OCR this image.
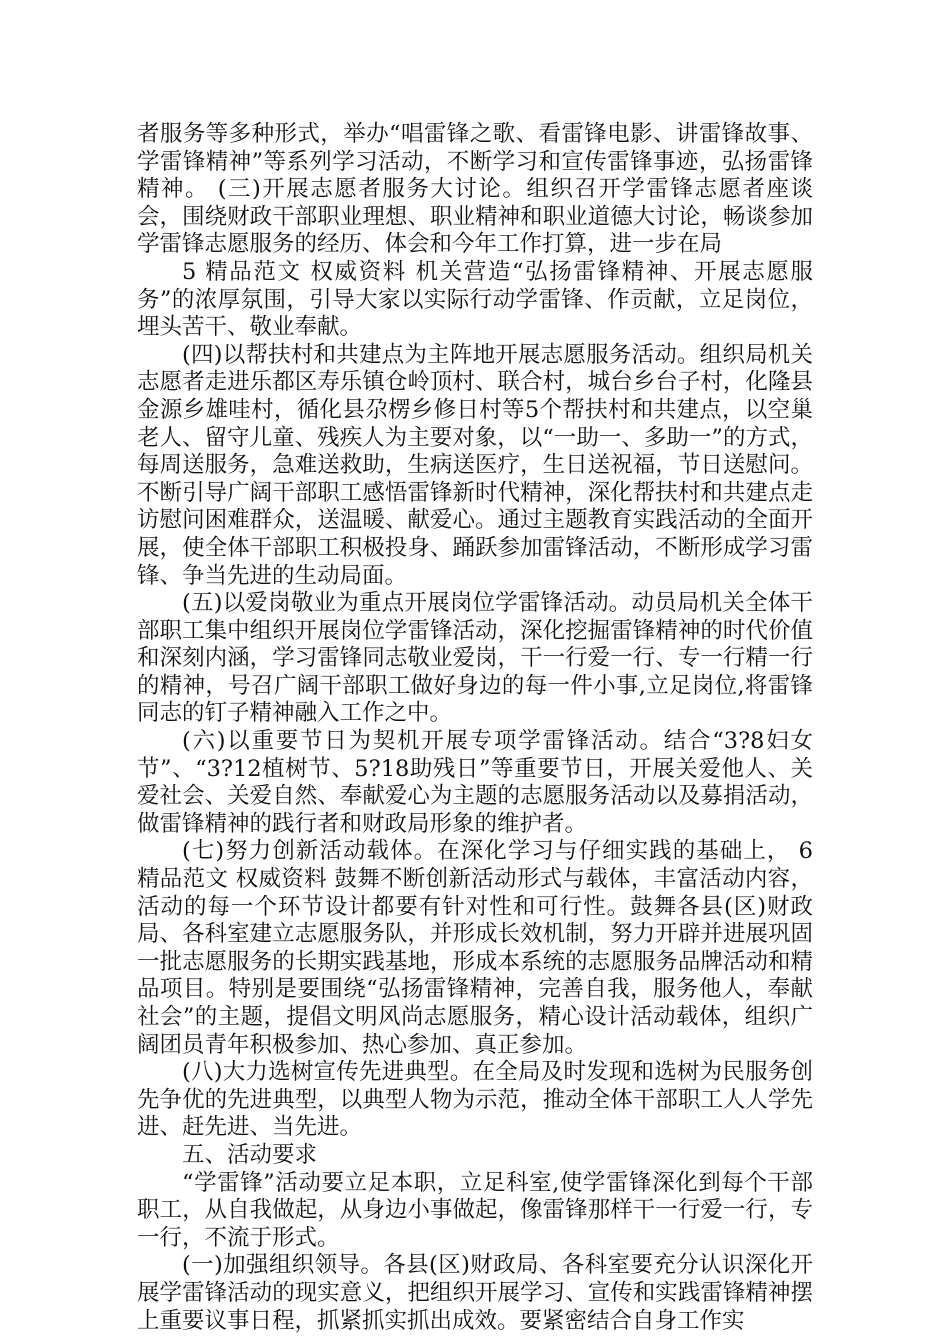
者服务等多种形式，举办“唱雷锋之歌、看雷锋电影、讲雷锋故事、学雷锋精神”等系列学习活动，不断学习和宣传雷锋事迹，弘扬雷锋精神。 (三)开展志愿者服务大讨论。组织召开学雷锋志愿者座谈会，围绕财政干部职业理想、职业精神和职业道德大讨论，畅谈参加学雷锋志愿服务的经历、体会和今年工作打算，进一步在局

5 精品范文 权威资料 机关营造“弘扬雷锋精神、开展志愿服务”的浓厚氛围，引导大家以实际行动学雷锋、作贡献，立足岗位，埋头苦干、敬业奉献。

(四)以帮扶村和共建点为主阵地开展志愿服务活动。组织局机关志愿者走进乐都区寿乐镇仓岭顶村、联合村，城台乡台子村，化隆县金源乡雄哇村，循化县尕楞乡修日村等5个帮扶村和共建点，以空巢老人、留守儿童、残疾人为主要对象，以“一助一、多助一”的方式，每周送服务，急难送救助，生病送医疗，生日送祝福，节日送慰问。不断引导广阔干部职工感悟雷锋新时代精神，深化帮扶村和共建点走访慰问困难群众，送温暖、献爱心。通过主题教育实践活动的全面开展，使全体干部职工积极投身、踊跃参加雷锋活动，不断形成学习雷锋、争当先进的生动局面。

(五)以爱岗敬业为重点开展岗位学雷锋活动。动员局机关全体干部职工集中组织开展岗位学雷锋活动，深化挖掘雷锋精神的时代价值和深刻内涵，学习雷锋同志敬业爱岗，干一行爱一行、专一行精一行的精神，号召广阔干部职工做好身边的每一件小事,立足岗位,将雷锋同志的钉子精神融入工作之中。

(六)以重要节日为契机开展专项学雷锋活动。结合“3?8妇女节”、“3?12植树节、5?18助残日”等重要节日，开展关爱他人、关爱社会、关爱自然、奉献爱心为主题的志愿服务活动以及募捐活动，做雷锋精神的践行者和财政局形象的维护者。

(七)努力创新活动载体。在深化学习与仔细实践的基础上， 6 精品范文 权威资料 鼓舞不断创新活动形式与载体，丰富活动内容，活动的每一个环节设计都要有针对性和可行性。鼓舞各县(区)财政局、各科室建立志愿服务队，并形成长效机制，努力开辟并进展巩固一批志愿服务的长期实践基地，形成本系统的志愿服务品牌活动和精品项目。特别是要围绕“弘扬雷锋精神，完善自我，服务他人，奉献社会”的主题，提倡文明风尚志愿服务，精心设计活动载体，组织广阔团员青年积极参加、热心参加、真正参加。

(八)大力选树宣传先进典型。在全局及时发现和选树为民服务创先争优的先进典型，以典型人物为示范，推动全体干部职工人人学先进、赶先进、当先进。

五、活动要求

“学雷锋”活动要立足本职，立足科室,使学雷锋深化到每个干部职工，从自我做起，从身边小事做起，像雷锋那样干一行爱一行，专一行，不流于形式。

(一)加强组织领导。各县(区)财政局、各科室要充分认识深化开展学雷锋活动的现实意义，把组织开展学习、宣传和实践雷锋精神摆上重要议事日程，抓紧抓实抓出成效。要紧密结合自身工作实
